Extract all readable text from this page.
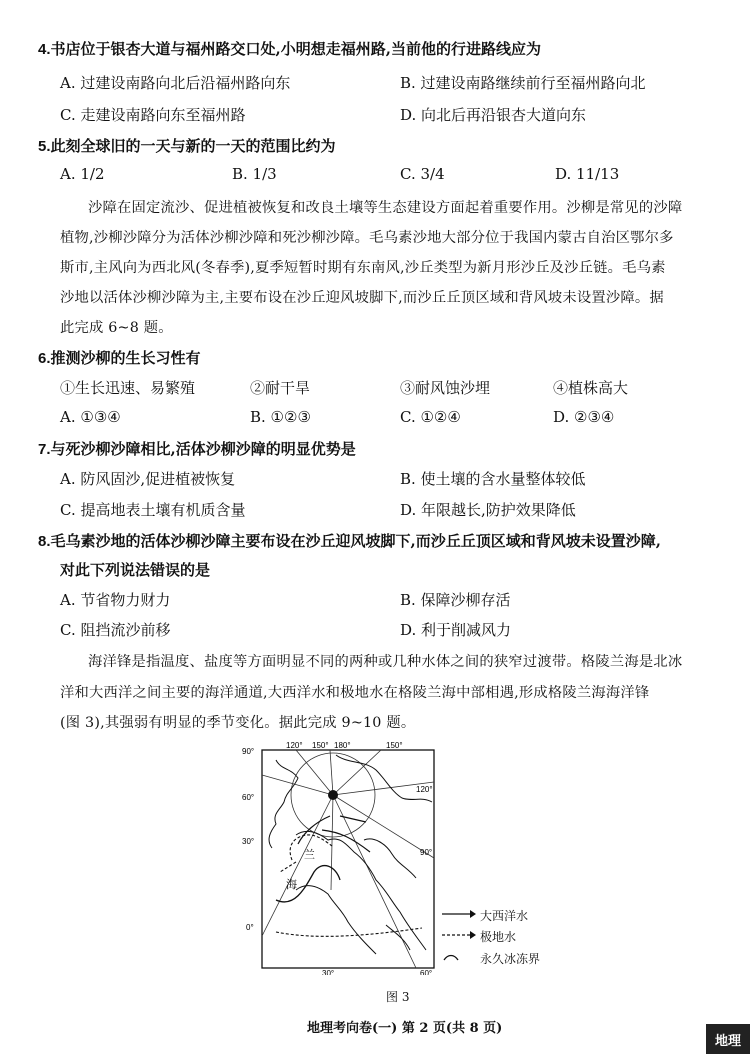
4.书店位于银杏大道与福州路交口处,小明想走福州路,当前他的行进路线应为
A. 过建设南路向北后沿福州路向东	B. 过建设南路继续前行至福州路向北
C. 走建设南路向东至福州路	D. 向北后再沿银杏大道向东
5.此刻全球旧的一天与新的一天的范围比约为
A. 1/2	B. 1/3	C. 3/4	D. 11/13
沙障在固定流沙、促进植被恢复和改良土壤等生态建设方面起着重要作用。沙柳是常见的沙障
植物,沙柳沙障分为活体沙柳沙障和死沙柳沙障。毛乌素沙地大部分位于我国内蒙古自治区鄂尔多
斯市,主风向为西北风(冬春季),夏季短暂时期有东南风,沙丘类型为新月形沙丘及沙丘链。毛乌素
沙地以活体沙柳沙障为主,主要布设在沙丘迎风坡脚下,而沙丘丘顶区域和背风坡未设置沙障。据
此完成 6~8 题。
6.推测沙柳的生长习性有
①生长迅速、易繁殖	②耐干旱	③耐风蚀沙埋	④植株高大
A. ①③④	B. ①②③	C. ①②④	D. ②③④
7.与死沙柳沙障相比,活体沙柳沙障的明显优势是
A. 防风固沙,促进植被恢复	B. 使土壤的含水量整体较低
C. 提高地表土壤有机质含量	D. 年限越长,防护效果降低
8.毛乌素沙地的活体沙柳沙障主要布设在沙丘迎风坡脚下,而沙丘丘顶区域和背风坡未设置沙障,
对此下列说法错误的是
A. 节省物力财力	B. 保障沙柳存活
C. 阻挡流沙前移	D. 利于削减风力
海洋锋是指温度、盐度等方面明显不同的两种或几种水体之间的狭窄过渡带。格陵兰海是北冰
洋和大西洋之间主要的海洋通道,大西洋水和极地水在格陵兰海中部相遇,形成格陵兰海海洋锋
(图 3),其强弱有明显的季节变化。据此完成 9~10 题。
120° 150° 180°	150°
90°
60°
30°
0°
120°
90°
30°	60°
兰
海
大西洋水
极地水
永久冰冻界
图 3
地理考向卷(一) 第 2 页(共 8 页)
地理
